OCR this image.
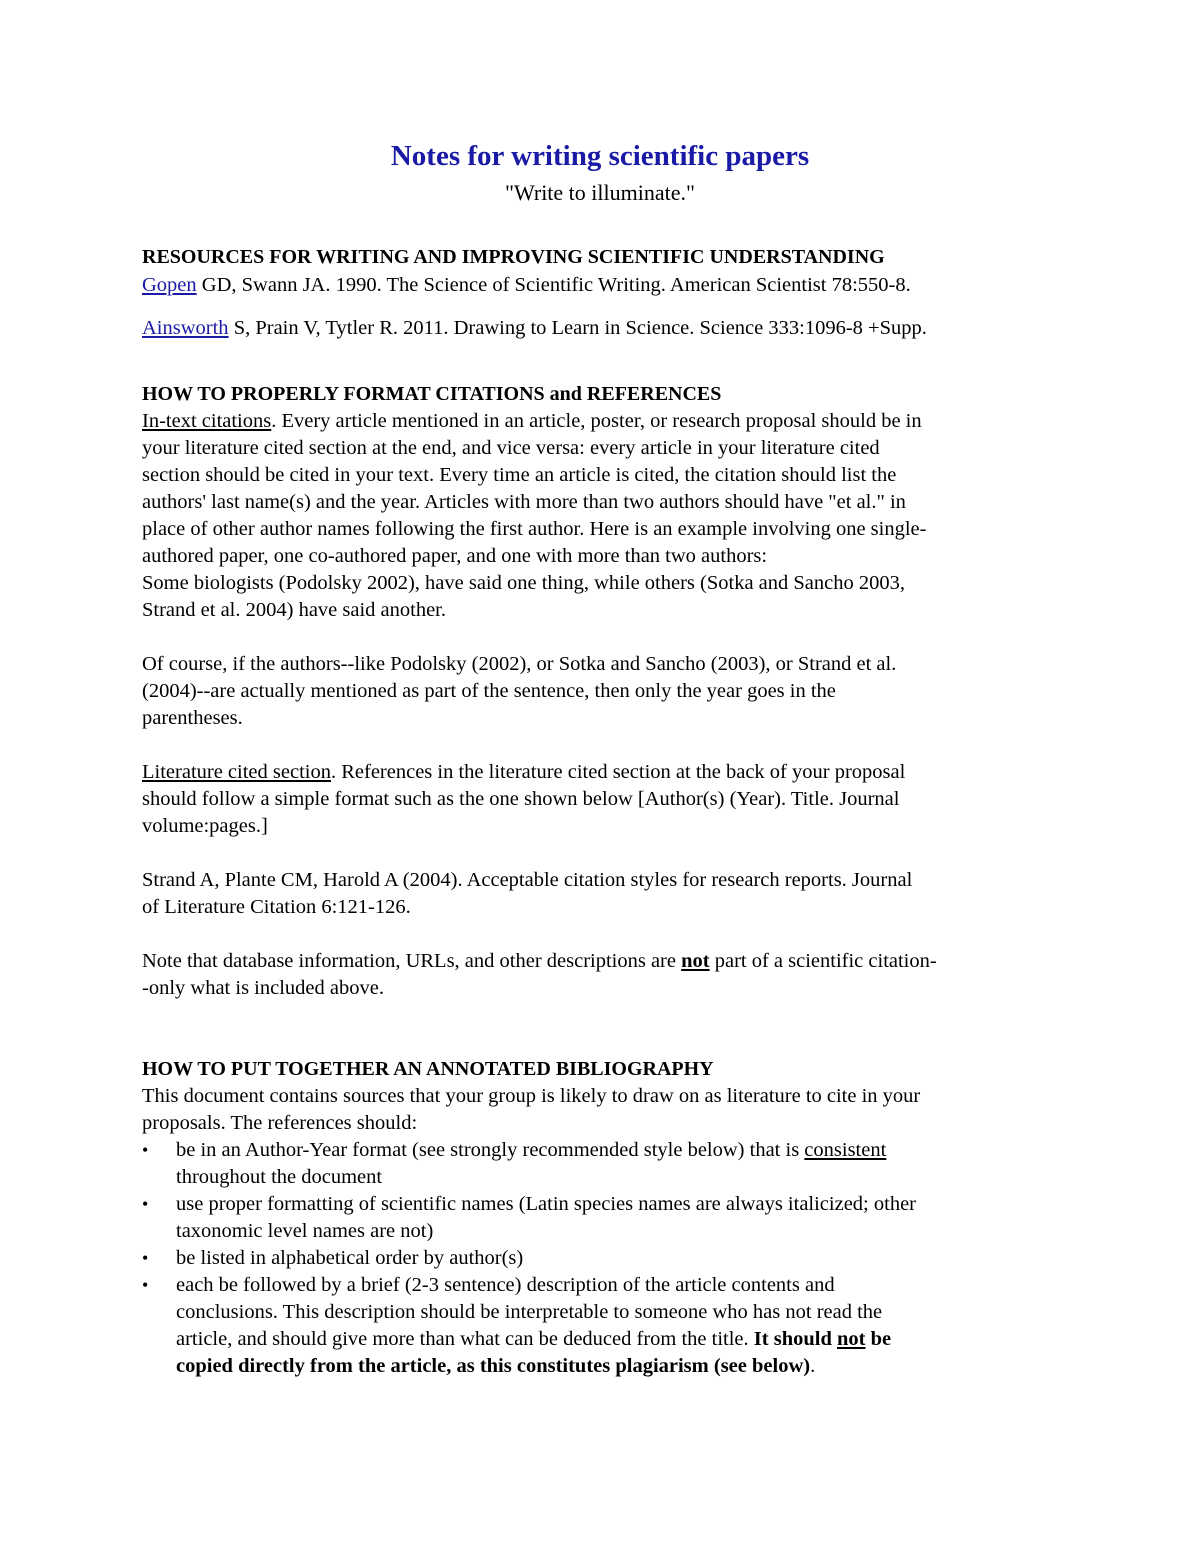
Notes for writing scientific papers
"Write to illuminate."
RESOURCES FOR WRITING AND IMPROVING SCIENTIFIC UNDERSTANDING
Gopen GD, Swann JA. 1990. The Science of Scientific Writing. American Scientist 78:550-8.
Ainsworth S, Prain V, Tytler R. 2011. Drawing to Learn in Science. Science 333:1096-8 +Supp.
HOW TO PROPERLY FORMAT CITATIONS and REFERENCES
In-text citations. Every article mentioned in an article, poster, or research proposal should be in
your literature cited section at the end, and vice versa: every article in your literature cited
section should be cited in your text. Every time an article is cited, the citation should list the
authors' last name(s) and the year. Articles with more than two authors should have "et al." in
place of other author names following the first author. Here is an example involving one single-
authored paper, one co-authored paper, and one with more than two authors:
Some biologists (Podolsky 2002), have said one thing, while others (Sotka and Sancho 2003,
Strand et al. 2004) have said another.
Of course, if the authors--like Podolsky (2002), or Sotka and Sancho (2003), or Strand et al.
(2004)--are actually mentioned as part of the sentence, then only the year goes in the
parentheses.
Literature cited section. References in the literature cited section at the back of your proposal
should follow a simple format such as the one shown below [Author(s) (Year). Title. Journal
volume:pages.]
Strand A, Plante CM, Harold A (2004). Acceptable citation styles for research reports. Journal
of Literature Citation 6:121-126.
Note that database information, URLs, and other descriptions are not part of a scientific citation-
-only what is included above.
HOW TO PUT TOGETHER AN ANNOTATED BIBLIOGRAPHY
This document contains sources that your group is likely to draw on as literature to cite in your
proposals. The references should:
• be in an Author-Year format (see strongly recommended style below) that is consistent
throughout the document
• use proper formatting of scientific names (Latin species names are always italicized; other
taxonomic level names are not)
• be listed in alphabetical order by author(s)
• each be followed by a brief (2-3 sentence) description of the article contents and
conclusions. This description should be interpretable to someone who has not read the
article, and should give more than what can be deduced from the title. It should not be
copied directly from the article, as this constitutes plagiarism (see below).
